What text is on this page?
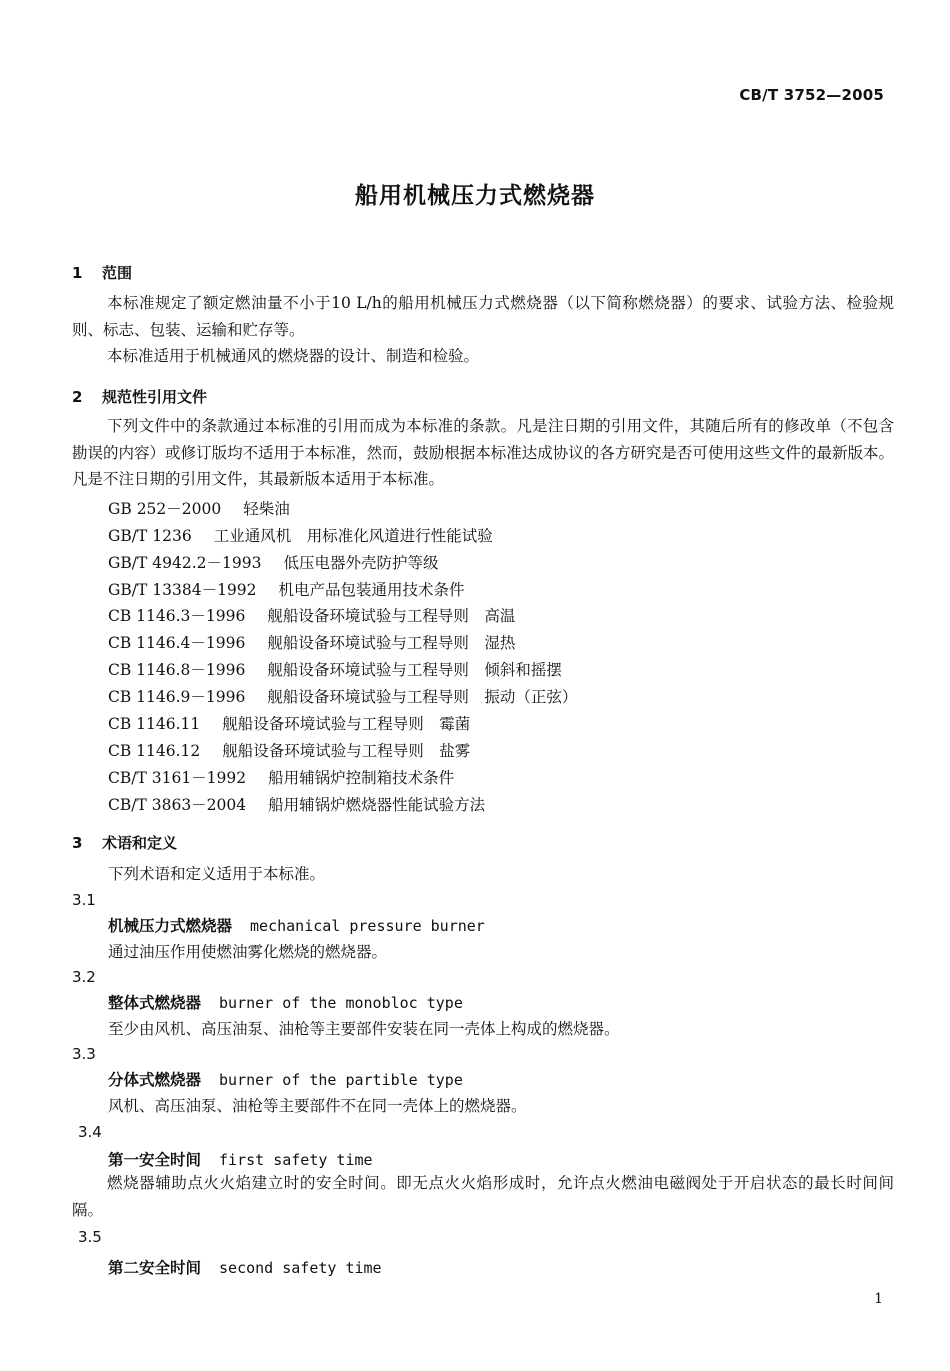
CB/T 3752—2005
船用机械压力式燃烧器
1 范围
本标准规定了额定燃油量不小于10 L/h的船用机械压力式燃烧器（以下简称燃烧器）的要求、试验方法、检验规则、标志、包装、运输和贮存等。
本标准适用于机械通风的燃烧器的设计、制造和检验。
2 规范性引用文件
下列文件中的条款通过本标准的引用而成为本标准的条款。凡是注日期的引用文件，其随后所有的修改单（不包含勘误的内容）或修订版均不适用于本标准，然而，鼓励根据本标准达成协议的各方研究是否可使用这些文件的最新版本。凡是不注日期的引用文件，其最新版本适用于本标准。
GB 252－2000 轻柴油
GB/T 1236 工业通风机　用标准化风道进行性能试验
GB/T 4942.2－1993 低压电器外壳防护等级
GB/T 13384－1992 机电产品包装通用技术条件
CB 1146.3－1996 舰船设备环境试验与工程导则　高温
CB 1146.4－1996 舰船设备环境试验与工程导则　湿热
CB 1146.8－1996 舰船设备环境试验与工程导则　倾斜和摇摆
CB 1146.9－1996 舰船设备环境试验与工程导则　振动（正弦）
CB 1146.11 舰船设备环境试验与工程导则　霉菌
CB 1146.12 舰船设备环境试验与工程导则　盐雾
CB/T 3161－1992 船用辅锅炉控制箱技术条件
CB/T 3863－2004 船用辅锅炉燃烧器性能试验方法
3 术语和定义
下列术语和定义适用于本标准。
3.1
机械压力式燃烧器 mechanical pressure burner
通过油压作用使燃油雾化燃烧的燃烧器。
3.2
整体式燃烧器 burner of the monobloc type
至少由风机、高压油泵、油枪等主要部件安装在同一壳体上构成的燃烧器。
3.3
分体式燃烧器 burner of the partible type
风机、高压油泵、油枪等主要部件不在同一壳体上的燃烧器。
3.4
第一安全时间 first safety time
燃烧器辅助点火火焰建立时的安全时间。即无点火火焰形成时，允许点火燃油电磁阀处于开启状态的最长时间间隔。
3.5
第二安全时间 second safety time
1
